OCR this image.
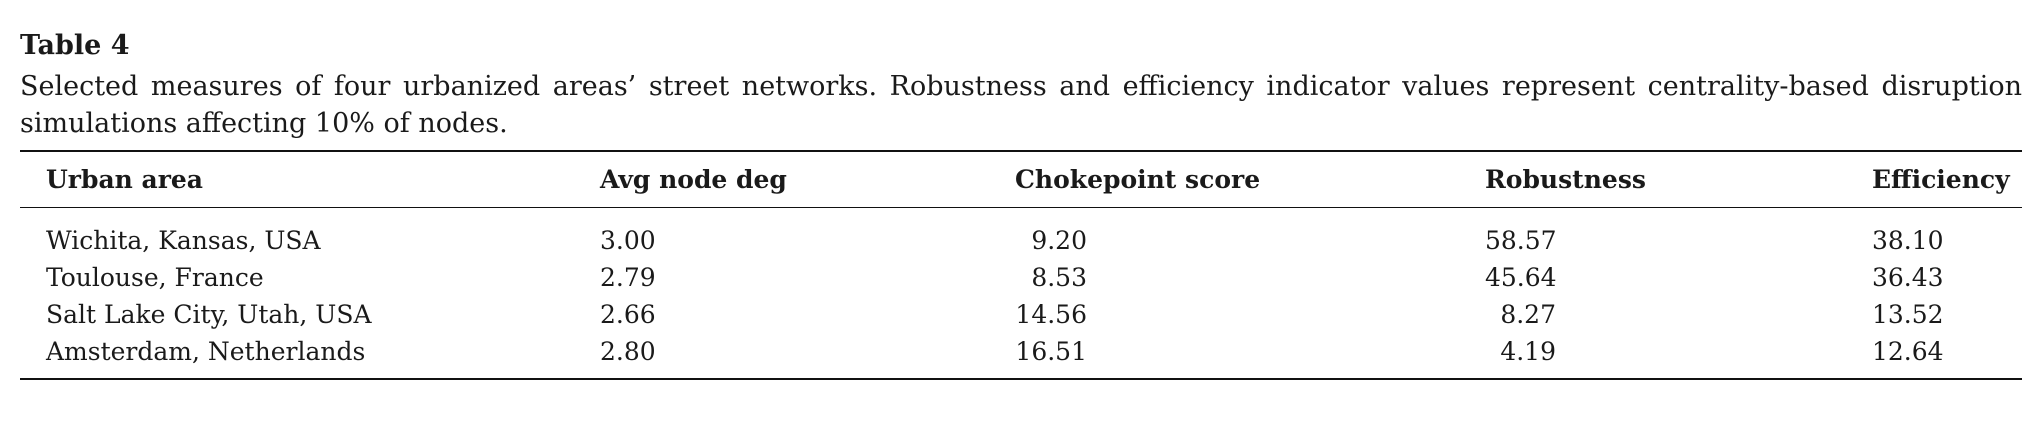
Table 4

Selected measures of four urbanized areas’ street networks. Robustness and efficiency indicator values represent centrality-based disruption simulations affecting 10% of nodes.

	Urban area	Avg node deg	Chokepoint score	Robustness	Efficiency

	Wichita, Kansas, USA	3.00	9.20	58.57	38.10
	Toulouse, France	2.79	8.53	45.64	36.43
	Salt Lake City, Utah, USA	2.66	14.56	8.27	13.52
	Amsterdam, Netherlands	2.80	16.51	4.19	12.64
